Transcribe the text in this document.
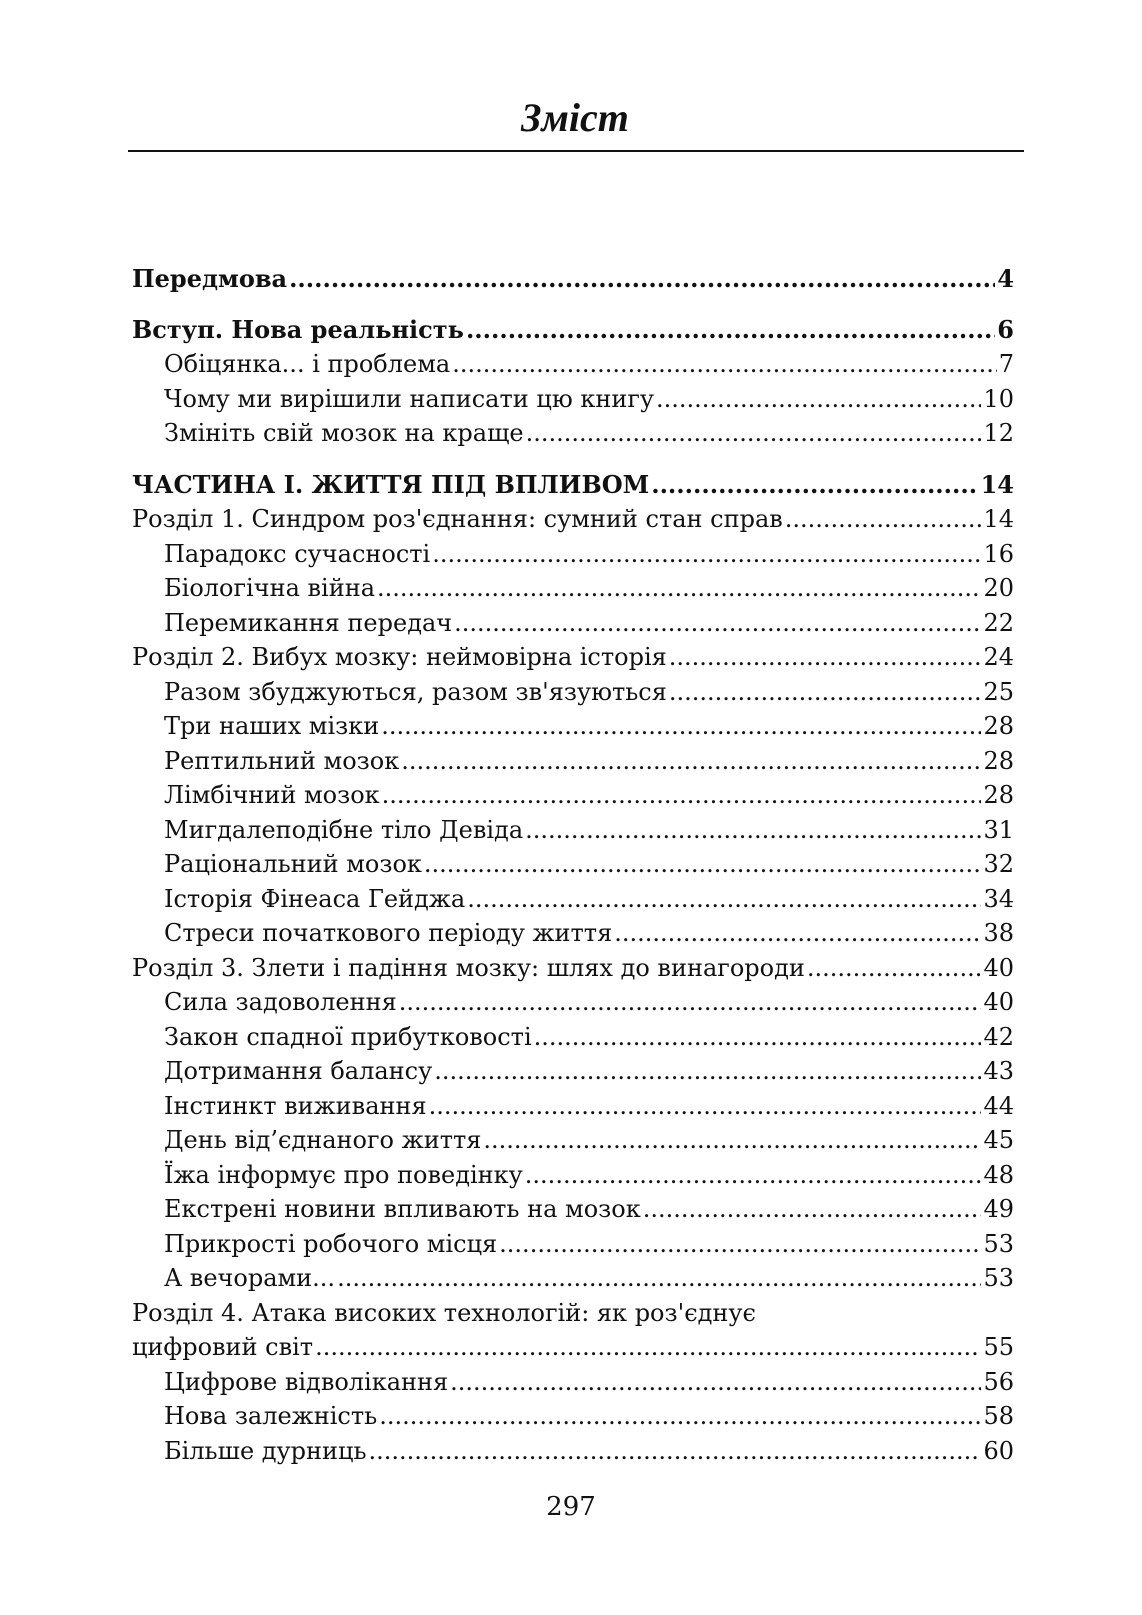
Зміст
Передмова .....	4
Вступ. Нова реальність .....	6
Обіцянка... і проблема .....	7
Чому ми вирішили написати цю книгу .....	10
Змініть свій мозок на краще .....	12
ЧАСТИНА І. ЖИТТЯ ПІД ВПЛИВОМ .....	14
Розділ 1. Синдром роз'єднання: сумний стан справ .....	14
Парадокс сучасності .....	16
Біологічна війна .....	20
Перемикання передач .....	22
Розділ 2. Вибух мозку: неймовірна історія .....	24
Разом збуджуються, разом зв'язуються .....	25
Три наших мізки .....	28
Рептильний мозок .....	28
Лімбічний мозок .....	28
Мигдалеподібне тіло Девіда .....	31
Раціональний мозок .....	32
Історія Фінеаса Гейджа .....	34
Стреси початкового періоду життя .....	38
Розділ 3. Злети і падіння мозку: шлях до винагороди .....	40
Сила задоволення .....	40
Закон спадної прибутковості .....	42
Дотримання балансу .....	43
Інстинкт виживання .....	44
День від’єднаного життя .....	45
Їжа інформує про поведінку .....	48
Екстрені новини впливають на мозок .....	49
Прикрості робочого місця .....	53
А вечорами... .....	53
Розділ 4. Атака високих технологій: як роз'єднує
цифровий світ .....	55
Цифрове відволікання .....	56
Нова залежність .....	58
Більше дурниць .....	60
297
